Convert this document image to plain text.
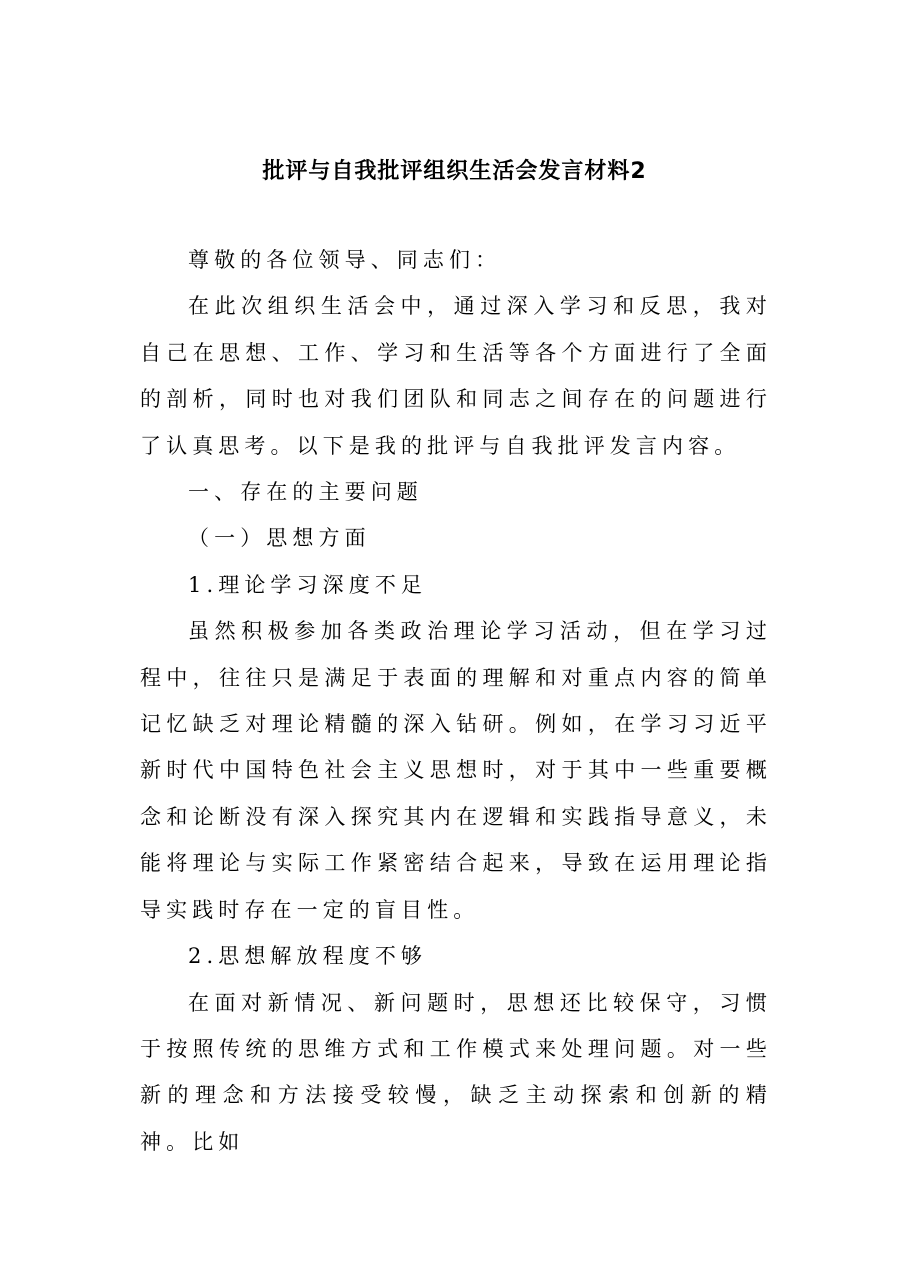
批评与自我批评组织生活会发言材料2

尊敬的各位领导、同志们：

在此次组织生活会中，通过深入学习和反思，我对自己在思想、工作、学习和生活等各个方面进行了全面的剖析，同时也对我们团队和同志之间存在的问题进行了认真思考。以下是我的批评与自我批评发言内容。

一、存在的主要问题

（一）思想方面

1.理论学习深度不足

虽然积极参加各类政治理论学习活动，但在学习过程中，往往只是满足于表面的理解和对重点内容的简单记忆缺乏对理论精髓的深入钻研。例如，在学习习近平新时代中国特色社会主义思想时，对于其中一些重要概念和论断没有深入探究其内在逻辑和实践指导意义，未能将理论与实际工作紧密结合起来，导致在运用理论指导实践时存在一定的盲目性。

2.思想解放程度不够

在面对新情况、新问题时，思想还比较保守，习惯于按照传统的思维方式和工作模式来处理问题。对一些新的理念和方法接受较慢，缺乏主动探索和创新的精神。比如
